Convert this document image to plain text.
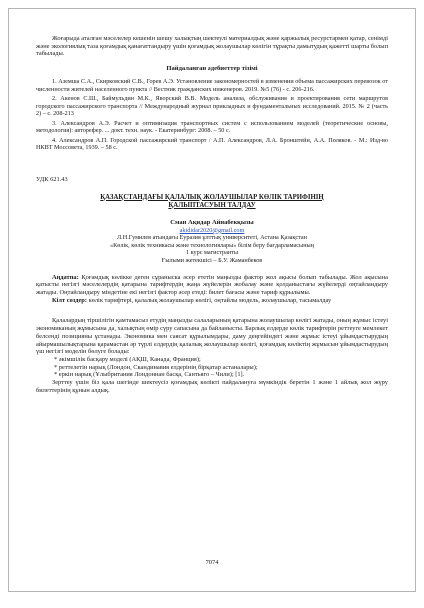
Жоғарыда аталған мәселелер кешенін шешу халықтың шектеулі материалдық және қаржылық ресурстармен қатар, сенімді және экологиялық таза қоғамдық қанағаттандыру үшін қоғамдық жолаушылар көлігін тұрақты дамытудың қажетті шарты болып табылады.

Пайдаланған әдебиеттер тізімі

1. Аземша С.А., Скирковский С.В., Горев А.Э. Установление закономерностей в изменении объема пассажирских перевозок от численности жителей населенного пункта // Вестник гражданских инженеров. 2019. №5 (76) - с. 206-216.

2. Акенов С.Ш., Баймульдин М.К., Яворский В.В. Модель анализа, обслуживания и проектирования сети маршрутов городского пассажирского транспорта // Международный журнал прикладных и фундаментальных исследований. 2015. № 2 (часть 2) – с. 208-213

3. Александров А.Э. Расчет и оптимизация транспортных систем с использованием моделей (теоретические основы, методология): авторефер. ... докт. техн. наук. - Екатеринбург: 2008. – 50 с.

4. Александров А.П. Городской пассажирский транспорт / А.П. Александров, Л.А. Бронштейн, А.А. Поляков. - М.: Изд-во НКВТ Моссовета, 1939. – 58 с.

УДК 621.43

ҚАЗАҚСТАНДАҒЫ ҚАЛАЛЫҚ ЖОЛАУШЫЛАР КӨЛІК ТАРИФІНІҢ

ҚАЛЫПТАСУЫН ТАЛДАУ

Сман Ақидар Айнабекқызы

akididar2020@gmail.com

Л.Н.Гумилев атындағы Еуразия ұлттық университеті, Астана Қазақстан

«Көлік, көлік техникасы және технологиялары» білім беру бағдарламасының

1 курс магистранты

Ғылыми жетекшісі – Б.У. Жаманбеков

Аңдатпа: Қоғамдық көлікке деген сұраныска әсер ететін маңызды фактор жол ақысы болып табылады. Жол ақысына қатысты негізгі мәселелердің қатарына тарифтердің жаңа жүйелерін жобалау және қолданыстағы жүйелерді оңтайландыру жатады. Оңтайландыру міндетіне екі негізгі фактор әсер етеді: билет бағасы және тариф құрылымы.

Кілт сөздер: көлік тарифтері, қалалық жолаушылар көлігі, оңтайлы модель, жолаушылар, тасымалдау

Қалалардың тіршілігін қамтамасыз етудің маңызды салаларының қатарына жолаушылар көлігі жатады, оның жұмыс істеуі экономиканың жұмысына да, халықтың өмір сүру сапасына да байланысты. Барлық елдерде көлік тарифтерін реттеуге мемлекет белсенді позицияны ұстанады. Экономика мен саясат құрылымдары, даму деңгейіндегі және жұмыс істеуі ұйымдастырудың айырмашылықтарына қарамастан әр түрлі елдердің қалалық жолаушылар көлігі, қоғамдық көліктің жұмысын ұйымдастырудың үш негізгі моделін бөлуге болады:

* әкімшілік басқару моделі (АҚШ, Канада, Франция);

* реттелетін нарық (Лондон, Скандинавия елдерінің бірқатар астаналары);

* еркін нарық (Ұлыбритания Лондоннан басқа, Сантьяго – Чили); [1].

Зерттеу үшін біз қала шегінде шектеусіз қоғамдық көлікті пайдалануға мүмкіндік беретін 1 және 1 айлық жол жүру билеттерінің құнын алдық.

7074
